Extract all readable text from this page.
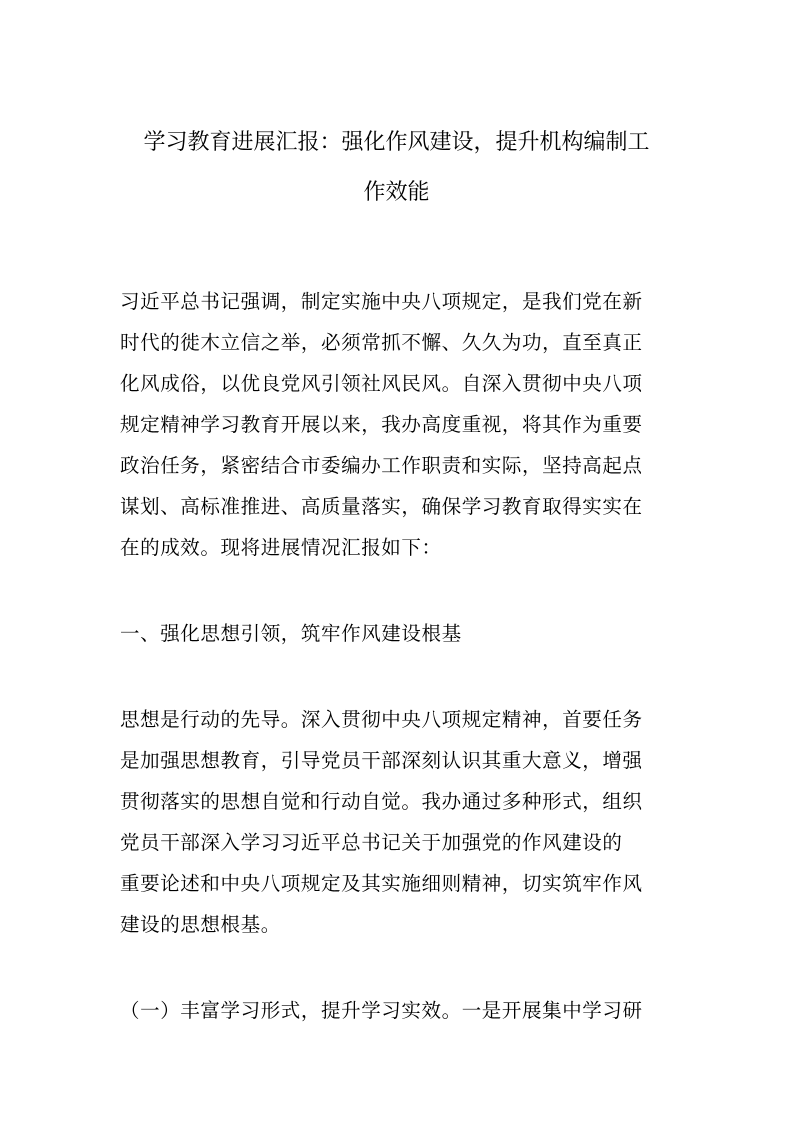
学习教育进展汇报：强化作风建设，提升机构编制工
作效能
习近平总书记强调，制定实施中央八项规定，是我们党在新
时代的徙木立信之举，必须常抓不懈、久久为功，直至真正
化风成俗，以优良党风引领社风民风。自深入贯彻中央八项
规定精神学习教育开展以来，我办高度重视，将其作为重要
政治任务，紧密结合市委编办工作职责和实际，坚持高起点
谋划、高标准推进、高质量落实，确保学习教育取得实实在
在的成效。现将进展情况汇报如下：
一、强化思想引领，筑牢作风建设根基
思想是行动的先导。深入贯彻中央八项规定精神，首要任务
是加强思想教育，引导党员干部深刻认识其重大意义，增强
贯彻落实的思想自觉和行动自觉。我办通过多种形式，组织
党员干部深入学习习近平总书记关于加强党的作风建设的
重要论述和中央八项规定及其实施细则精神，切实筑牢作风
建设的思想根基。
（一）丰富学习形式，提升学习实效。一是开展集中学习研
